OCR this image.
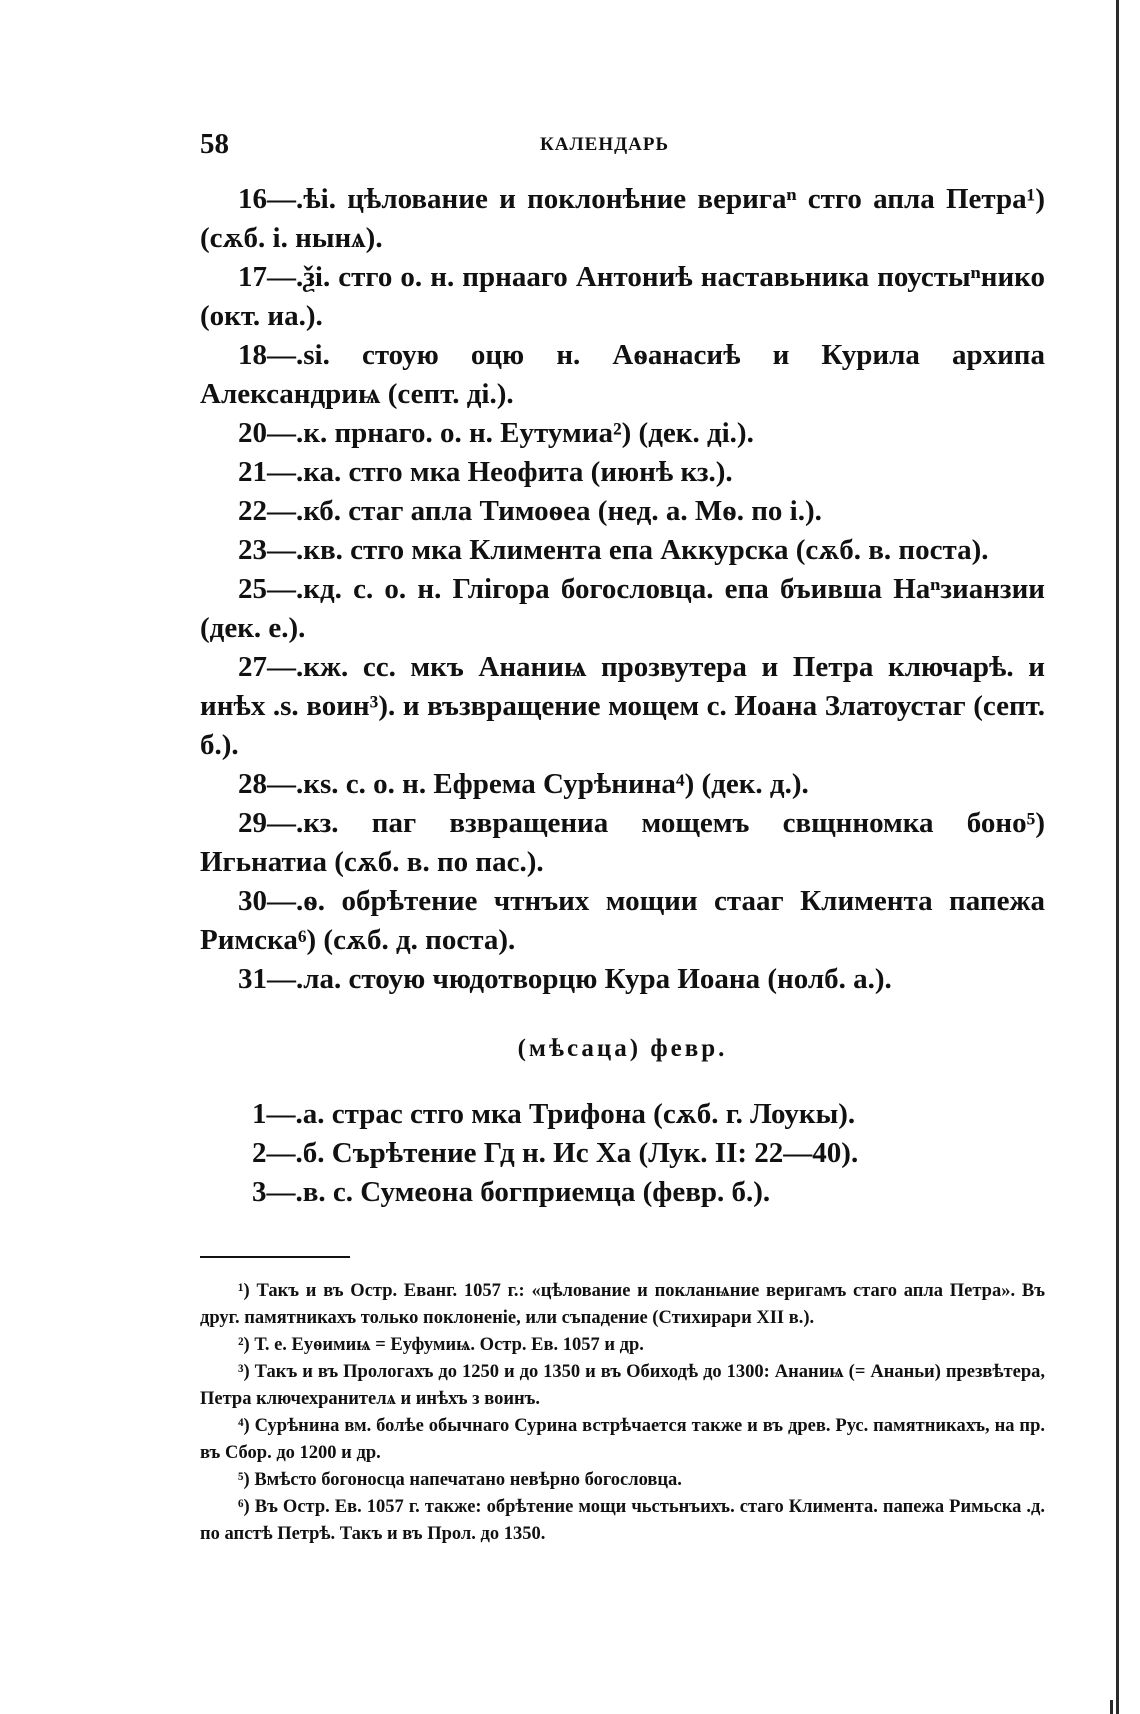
58	КАЛЕНДАРЬ
16—.ѣі. цѣлование и поклонѣние веригаⁿ стго апла Петра¹) (сѫб. і. нынѧ).
17—.ѯі. стго о. н. прнааго Антониѣ наставьника поустыⁿнико (окт. иа.).
18—.ѕі. стоую оцю н. Аѳанасиѣ и Курила архипа Александриѩ (септ. ді.).
20—.к. прнаго. о. н. Еутумиа²) (дек. ді.).
21—.ка. стго мка Неофита (июнѣ кз.).
22—.кб. стаг апла Тимоѳеа (нед. а. Мѳ. по і.).
23—.кв. стго мка Климента епа Аккурска (сѫб. в. поста).
25—.кд. с. о. н. Глiгора богословца. епа бъивша Наⁿзианзии (дек. е.).
27—.кж. сс. мкъ Ананиѩ прозвутера и Петра ключарѣ. и инѣх .ѕ. воин³). и възвращение мощем с. Иоана Златоустаг (септ. б.).
28—.кѕ. с. о. н. Ефрема Сурѣнина⁴) (дек. д.).
29—.кз. паг взвращениа мощемъ свщнномка боно⁵) Игьнатиа (сѫб. в. по пас.).
30—.ѳ. обрѣтение чтнъих мощии стааг Климента папежа Римска⁶) (сѫб. д. поста).
31—.ла. стоую чюдотворцю Кура Иоана (нолб. а.).
(мѣсаца) февр.
1—.а. страс стго мка Трифона (сѫб. г. Лоукы).
2—.б. Сърѣтение Гд н. Ис Ха (Лук. II: 22—40).
3—.в. с. Сумеона богприемца (февр. б.).
¹) Такъ и въ Остр. Еванг. 1057 г.: «цѣлование и покланѩние веригамъ стаго апла Петра». Въ друг. памятникахъ только поклоненie, или съпадение (Стихирари XII в.).
²) Т. е. Еуѳимиѩ = Еуфумиѩ. Остр. Ев. 1057 и др.
³) Такъ и въ Прологахъ до 1250 и до 1350 и въ Обиходѣ до 1300: Ананиѩ (= Ананьи) презвѣтера, Петра ключехранителѧ и инѣхъ з воинъ.
⁴) Сурѣнина вм. болѣе обычнаго Сурина встрѣчается также и въ древ. Рус. памятникахъ, на пр. въ Сбор. до 1200 и др.
⁵) Вмѣсто богоносца напечатано невѣрно богословца.
⁶) Въ Остр. Ев. 1057 г. также: обрѣтение мощи чьстьнъихъ. стаго Климента. папежа Римьска .д. по апстѣ Петрѣ. Такъ и въ Прол. до 1350.
